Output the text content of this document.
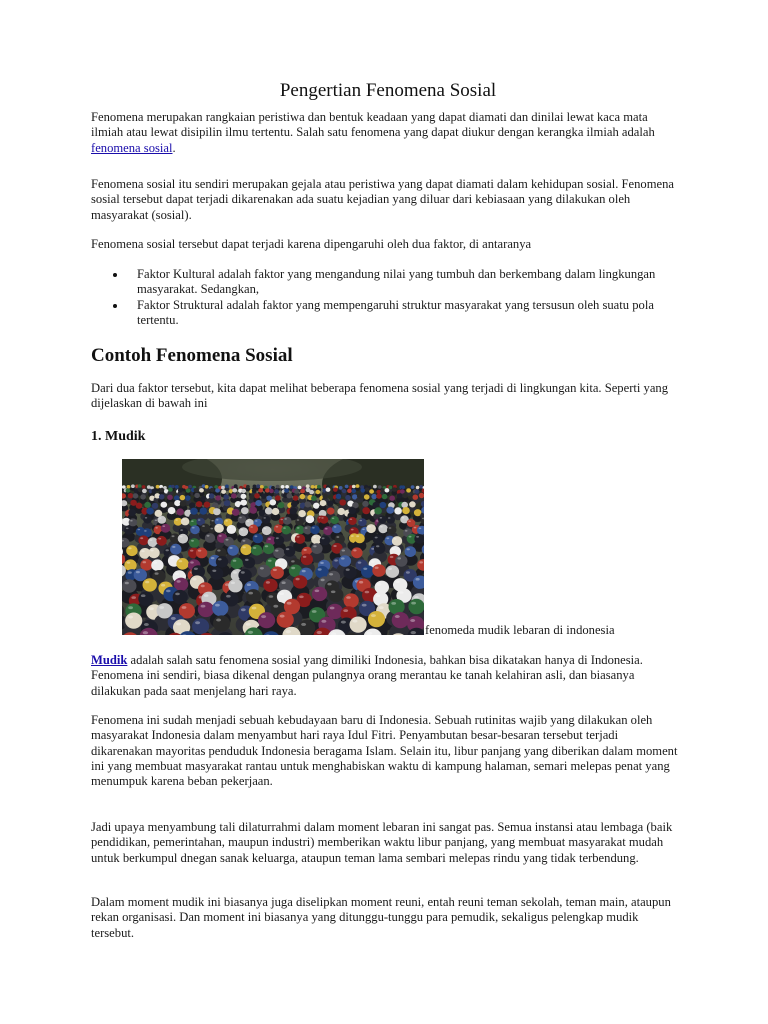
Pengertian Fenomena Sosial

Fenomena merupakan rangkaian peristiwa dan bentuk keadaan yang dapat diamati dan dinilai lewat kaca mata ilmiah atau lewat disipilin ilmu tertentu. Salah satu fenomena yang dapat diukur dengan kerangka ilmiah adalah fenomena sosial.

Fenomena sosial itu sendiri merupakan gejala atau peristiwa yang dapat diamati dalam kehidupan sosial. Fenomena sosial tersebut dapat terjadi dikarenakan ada suatu kejadian yang diluar dari kebiasaan yang dilakukan oleh masyarakat (sosial).

Fenomena sosial tersebut dapat terjadi karena dipengaruhi oleh dua faktor, di antaranya

Faktor Kultural adalah faktor yang mengandung nilai yang tumbuh dan berkembang dalam lingkungan masyarakat. Sedangkan,
Faktor Struktural adalah faktor yang mempengaruhi struktur masyarakat yang tersusun oleh suatu pola tertentu.
Contoh Fenomena Sosial

Dari dua faktor tersebut, kita dapat melihat beberapa fenomena sosial yang terjadi di lingkungan kita. Seperti yang dijelaskan di bawah ini

1. Mudik
fenomeda mudik lebaran di indonesia

Mudik adalah salah satu fenomena sosial yang dimiliki Indonesia, bahkan bisa dikatakan hanya di Indonesia. Fenomena ini sendiri, biasa dikenal dengan pulangnya orang merantau ke tanah kelahiran asli, dan biasanya dilakukan pada saat menjelang hari raya.

Fenomena ini sudah menjadi sebuah kebudayaan baru di Indonesia. Sebuah rutinitas wajib yang dilakukan oleh masyarakat Indonesia dalam menyambut hari raya Idul Fitri. Penyambutan besar-besaran tersebut terjadi dikarenakan mayoritas penduduk Indonesia beragama Islam. Selain itu, libur panjang yang diberikan dalam moment ini yang membuat masyarakat rantau untuk menghabiskan waktu di kampung halaman, semari melepas penat yang menumpuk karena beban pekerjaan.

Jadi upaya menyambung tali dilaturrahmi dalam moment lebaran ini sangat pas. Semua instansi atau lembaga (baik pendidikan, pemerintahan, maupun industri) memberikan waktu libur panjang, yang membuat masyarakat mudah untuk berkumpul dnegan sanak keluarga, ataupun teman lama sembari melepas rindu yang tidak terbendung.

Dalam moment mudik ini biasanya juga diselipkan moment reuni, entah reuni teman sekolah, teman main, ataupun rekan organisasi. Dan moment ini biasanya yang ditunggu-tunggu para pemudik, sekaligus pelengkap mudik tersebut.
